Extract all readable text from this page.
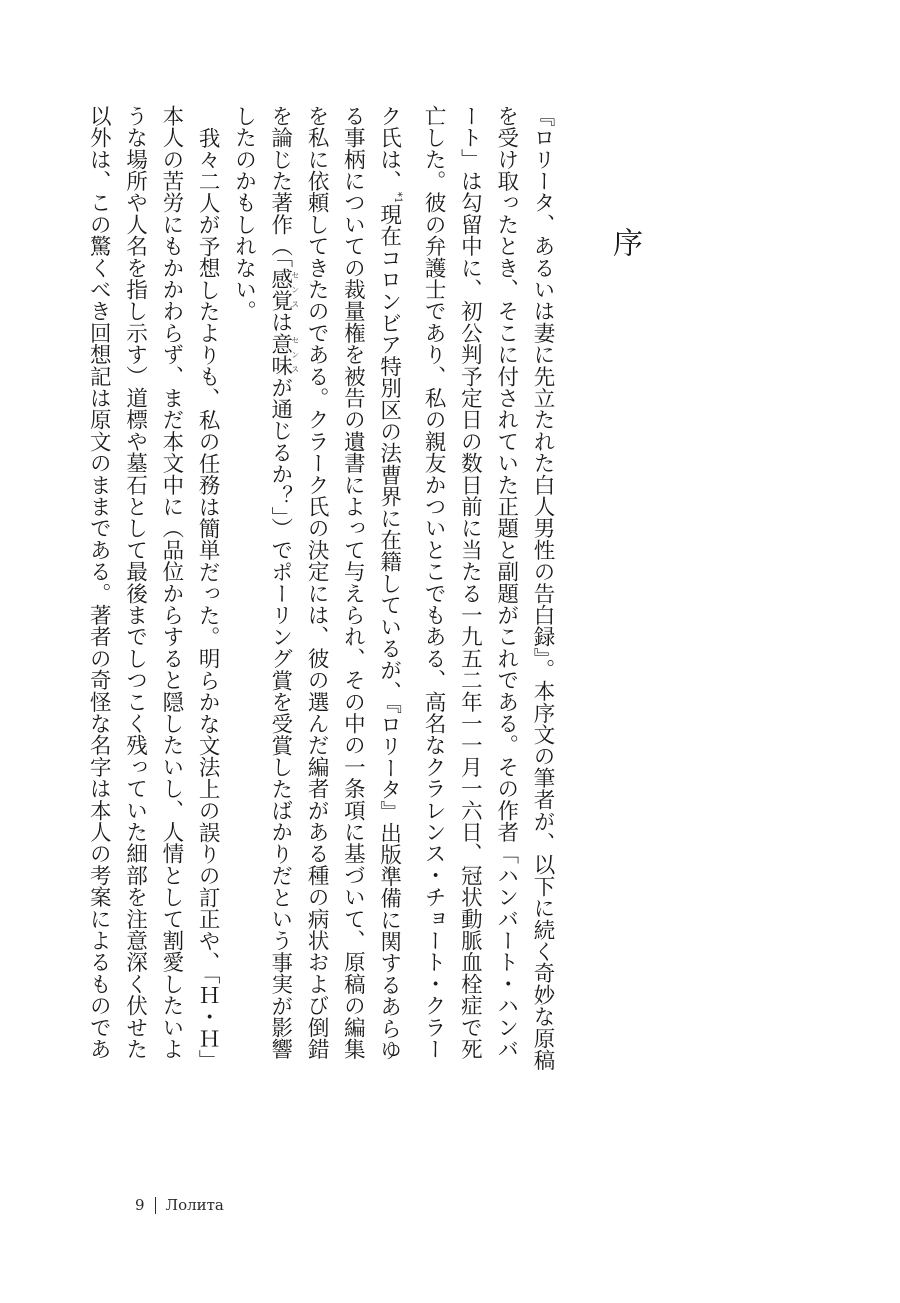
序

『ロリータ、あるいは妻に先立たれた白人男性の告白録』。本序文の筆者が、以下に続く奇妙な原稿を受け取ったとき、そこに付されていた正題と副題がこれである。その作者「ハンバート・ハンバート」は勾留中に、初公判予定日の数日前に当たる一九五二年一一月一六日、冠状動脈血栓症で死亡した。彼の弁護士であり、私の親友かついとこでもある、高名なクラレンス・チョート・クラーク氏は、$^{*1}$現在コロンビア特別区の法曹界に在籍しているが、『ロリータ』出版準備に関するあらゆる事柄についての裁量権を被告の遺書によって与えられ、その中の一条項に基づいて、原稿の編集を私に依頼してきたのである。クラーク氏の決定には、彼の選んだ編者がある種の病状および倒錯を論じた著作（「感覚センスは意味センスが通じるか？」）でポーリング賞を受賞したばかりだという事実が影響したのかもしれない。

我々二人が予想したよりも、私の任務は簡単だった。明らかな文法上の誤りの訂正や、「Ｈ・Ｈ」本人の苦労にもかかわらず、まだ本文中に（品位からすると隠したいし、人情として割愛したいような場所や人名を指し示す）道標や墓石として最後までしつこく残っていた細部を注意深く伏せた以外は、この驚くべき回想記は原文のままである。著者の奇怪な名字は本人の考案によるものであ

9 Лолита
